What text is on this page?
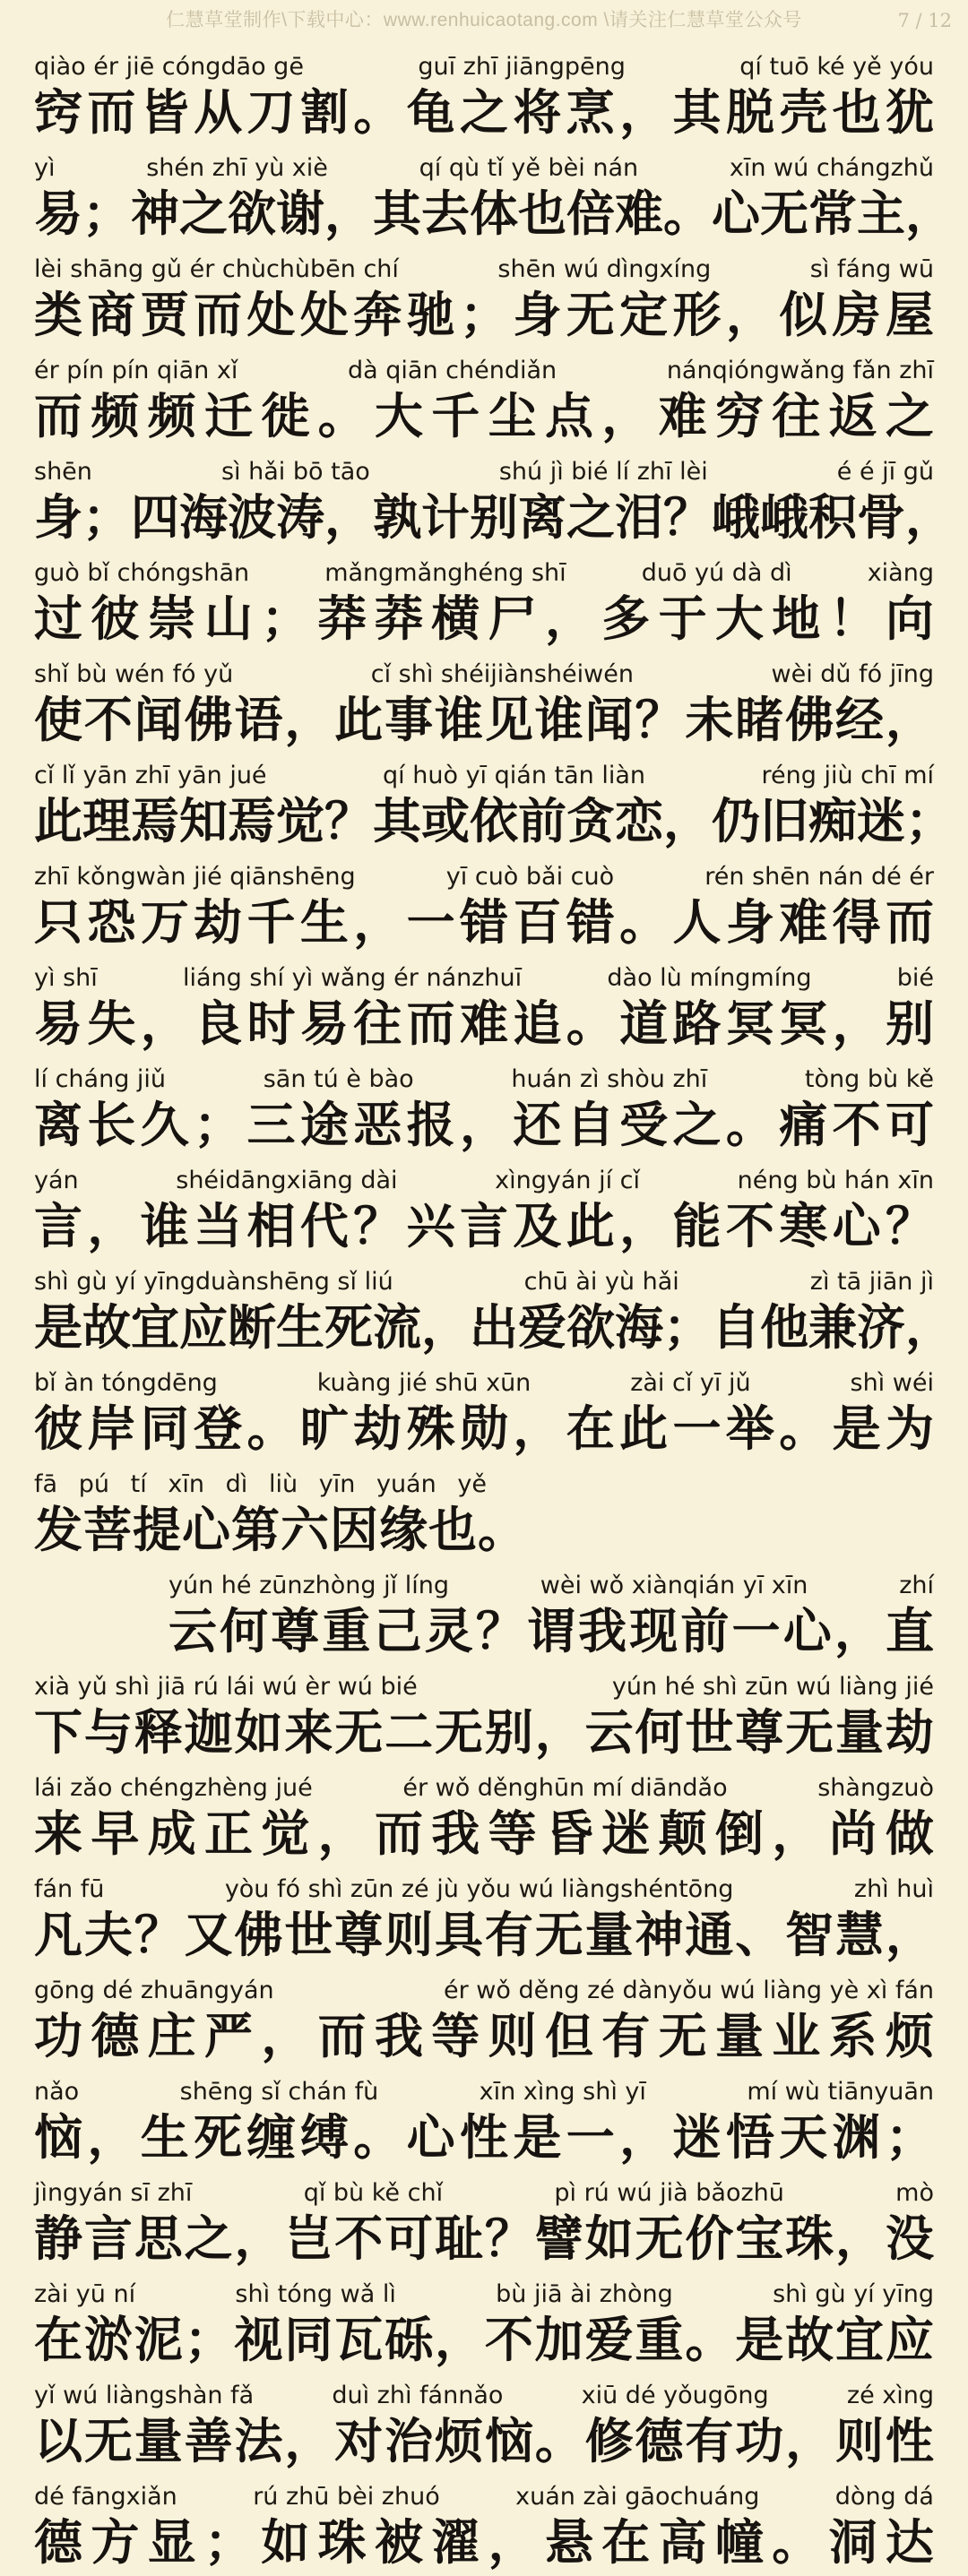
仁慧草堂制作\下载中心：www.renhuicaotang.com \请关注仁慧草堂公众号	7 / 12
qiào ér jiē cóngdāo gē	guī zhī jiāngpēng	qí tuō ké yě yóu
窍 而 皆 从 刀 割 。 龟 之 将 烹 ， 其 脱 壳 也 犹
yì	shén zhī yù xiè	qí qù tǐ yě bèi nán	xīn wú chángzhǔ
易 ； 神 之 欲 谢 ， 其 去 体 也 倍 难 。 心 无 常 主 ，
lèi shāng gǔ ér chùchùbēn chí	shēn wú dìngxíng	sì fáng wū
类 商 贾 而 处 处 奔 驰 ； 身 无 定 形 ， 似 房 屋
ér pín pín qiān xǐ	dà qiān chéndiǎn	nánqióngwǎng fǎn zhī
而 频 频 迁 徙 。 大 千 尘 点 ， 难 穷 往 返 之
shēn	sì hǎi bō tāo	shú jì bié lí zhī lèi	é é jī gǔ
身 ； 四 海 波 涛 ， 孰 计 别 离 之 泪 ？ 峨 峨 积 骨 ，
guò bǐ chóngshān	mǎngmǎnghéng shī	duō yú dà dì	xiàng
过 彼 崇 山 ； 莽 莽 横 尸 ， 多 于 大 地 ！ 向
shǐ bù wén fó yǔ	cǐ shì shéijiànshéiwén	wèi dǔ fó jīng
使 不 闻 佛 语 ， 此 事 谁 见 谁 闻 ？ 未 睹 佛 经 ，
cǐ lǐ yān zhī yān jué	qí huò yī qián tān liàn	réng jiù chī mí
此 理 焉 知 焉 觉 ？ 其 或 依 前 贪 恋 ， 仍 旧 痴 迷 ；
zhī kǒngwàn jié qiānshēng	yī cuò bǎi cuò	rén shēn nán dé ér
只 恐 万 劫 千 生 ， 一 错 百 错 。 人 身 难 得 而
yì shī	liáng shí yì wǎng ér nánzhuī	dào lù míngmíng	bié
易 失 ， 良 时 易 往 而 难 追 。 道 路 冥 冥 ， 别
lí cháng jiǔ	sān tú è bào	huán zì shòu zhī	tòng bù kě
离 长 久 ； 三 途 恶 报 ， 还 自 受 之 。 痛 不 可
yán	shéidāngxiāng dài	xìngyán jí cǐ	néng bù hán xīn
言 ， 谁 当 相 代 ？ 兴 言 及 此 ， 能 不 寒 心 ？
shì gù yí yīngduànshēng sǐ liú	chū ài yù hǎi	zì tā jiān jì
是 故 宜 应 断 生 死 流 ， 出 爱 欲 海 ； 自 他 兼 济 ，
bǐ àn tóngdēng	kuàng jié shū xūn	zài cǐ yī jǔ	shì wéi
彼 岸 同 登 。 旷 劫 殊 勋 ， 在 此 一 举 。 是 为
fā pú tí xīn dì liù yīn yuán yě
发菩提心第六因缘也。
yún hé zūnzhòng jǐ líng	wèi wǒ xiànqián yī xīn	zhí
云 何 尊 重 己 灵 ？ 谓 我 现 前 一 心 ， 直
xià yǔ shì jiā rú lái wú èr wú bié	yún hé shì zūn wú liàng jié
下 与 释 迦 如 来 无 二 无 别 ， 云 何 世 尊 无 量 劫
lái zǎo chéngzhèng jué	ér wǒ děnghūn mí diāndǎo	shàngzuò
来 早 成 正 觉 ， 而 我 等 昏 迷 颠 倒 ， 尚 做
fán fū	yòu fó shì zūn zé jù yǒu wú liàngshéntōng	zhì huì
凡 夫 ？ 又 佛 世 尊 则 具 有 无 量 神 通 、 智 慧 ，
gōng dé zhuāngyán	ér wǒ děng zé dànyǒu wú liàng yè xì fán
功 德 庄 严 ， 而 我 等 则 但 有 无 量 业 系 烦
nǎo	shēng sǐ chán fù	xīn xìng shì yī	mí wù tiānyuān
恼 ， 生 死 缠 缚 。 心 性 是 一 ， 迷 悟 天 渊 ；
jìngyán sī zhī	qǐ bù kě chǐ	pì rú wú jià bǎozhū	mò
静 言 思 之 ， 岂 不 可 耻 ？ 譬 如 无 价 宝 珠 ， 没
zài yū ní	shì tóng wǎ lì	bù jiā ài zhòng	shì gù yí yīng
在 淤 泥 ； 视 同 瓦 砾 ， 不 加 爱 重 。 是 故 宜 应
yǐ wú liàngshàn fǎ	duì zhì fánnǎo	xiū dé yǒugōng	zé xìng
以 无 量 善 法 ， 对 治 烦 恼 。 修 德 有 功 ， 则 性
dé fāngxiǎn	rú zhū bèi zhuó	xuán zài gāochuáng	dòng dá
德 方 显 ； 如 珠 被 濯 ， 悬 在 高 幢 。 洞 达
